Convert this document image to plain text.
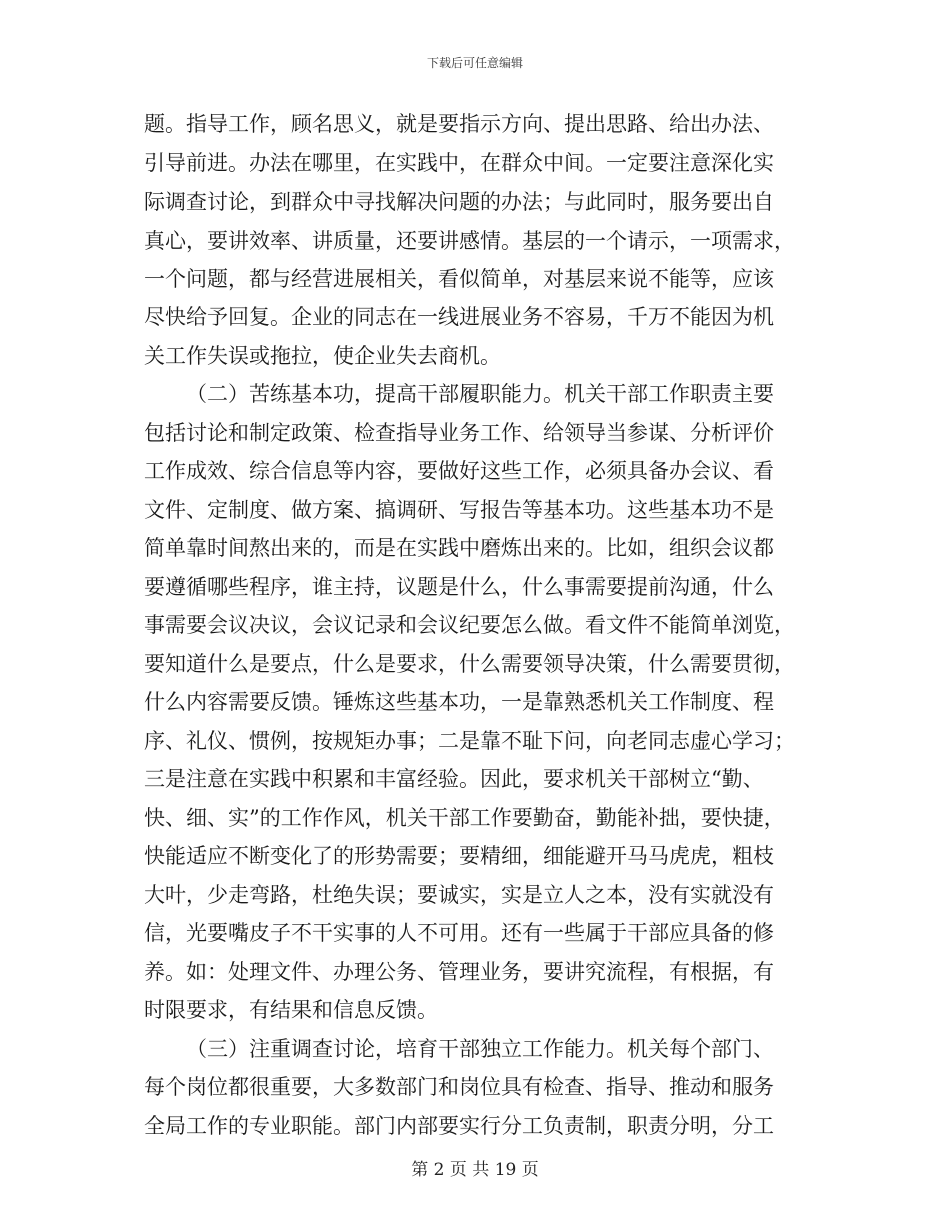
下载后可任意编辑
题。指导工作，顾名思义，就是要指示方向、提出思路、给出办法、
引导前进。办法在哪里，在实践中，在群众中间。一定要注意深化实
际调查讨论，到群众中寻找解决问题的办法；与此同时，服务要出自
真心，要讲效率、讲质量，还要讲感情。基层的一个请示，一项需求，
一个问题，都与经营进展相关，看似简单，对基层来说不能等，应该
尽快给予回复。企业的同志在一线进展业务不容易，千万不能因为机
关工作失误或拖拉，使企业失去商机。
（二）苦练基本功，提高干部履职能力。机关干部工作职责主要
包括讨论和制定政策、检查指导业务工作、给领导当参谋、分析评价
工作成效、综合信息等内容，要做好这些工作，必须具备办会议、看
文件、定制度、做方案、搞调研、写报告等基本功。这些基本功不是
简单靠时间熬出来的，而是在实践中磨炼出来的。比如，组织会议都
要遵循哪些程序，谁主持，议题是什么，什么事需要提前沟通，什么
事需要会议决议，会议记录和会议纪要怎么做。看文件不能简单浏览，
要知道什么是要点，什么是要求，什么需要领导决策，什么需要贯彻，
什么内容需要反馈。锤炼这些基本功，一是靠熟悉机关工作制度、程
序、礼仪、惯例，按规矩办事；二是靠不耻下问，向老同志虚心学习；
三是注意在实践中积累和丰富经验。因此，要求机关干部树立“勤、
快、细、实”的工作作风，机关干部工作要勤奋，勤能补拙，要快捷，
快能适应不断变化了的形势需要；要精细，细能避开马马虎虎，粗枝
大叶，少走弯路，杜绝失误；要诚实，实是立人之本，没有实就没有
信，光要嘴皮子不干实事的人不可用。还有一些属于干部应具备的修
养。如：处理文件、办理公务、管理业务，要讲究流程，有根据，有
时限要求，有结果和信息反馈。
（三）注重调查讨论，培育干部独立工作能力。机关每个部门、
每个岗位都很重要，大多数部门和岗位具有检查、指导、推动和服务
全局工作的专业职能。部门内部要实行分工负责制，职责分明，分工
第 2 页 共 19 页
